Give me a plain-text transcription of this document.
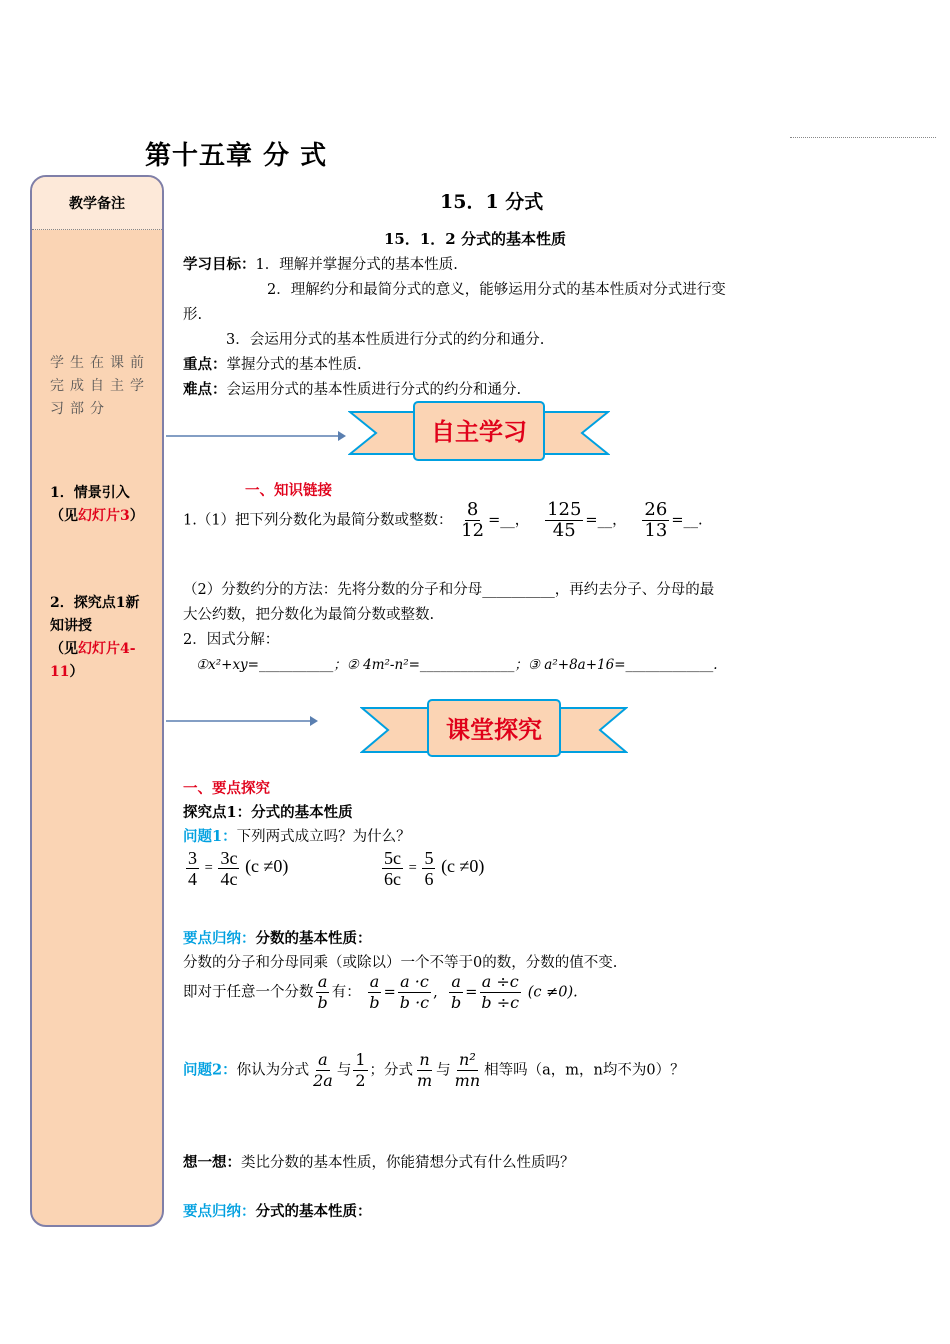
第十五章 分 式
教学备注
学生在课前完成自主学习部分
1．情景引入
（见幻灯片3）
2．探究点1新知讲授
（见幻灯片4-11）
15．1 分式
15．1．2 分式的基本性质
学习目标：1．理解并掌握分式的基本性质.
2．理解约分和最简分式的意义，能够运用分式的基本性质对分式进行变
形.
3．会运用分式的基本性质进行分式的约分和通分.
重点：掌握分式的基本性质.
难点：会运用分式的基本性质进行分式的约分和通分.
自主学习
一、知识链接
1.（1）把下列分数化为最简分数或整数： $\frac{8}{12}$ =__， $\frac{125}{45}$ =__， $\frac{26}{13}$ =__.
（2）分数约分的方法：先将分数的分子和分母__________，再约去分子、分母的最
大公约数，把分数化为最简分数或整数.
2．因式分解：
①x²+xy=___________；② 4m²-n²=______________；③ a²+8a+16=_____________.
课堂探究
一、要点探究
探究点1：分式的基本性质
问题1：下列两式成立吗？为什么？
$\frac{3}{4} = \frac{3c}{4c} (c \ne 0)$	$\frac{5c}{6c} = \frac{5}{6} (c \ne 0)$
要点归纳：分数的基本性质：
分数的分子和分母同乘（或除以）一个不等于0的数，分数的值不变.
即对于任意一个分数 $\frac{a}{b}$ 有： $\frac{a}{b} = \frac{a \cdot c}{b \cdot c}$ , $\frac{a}{b} = \frac{a \div c}{b \div c} (c \ne 0)$.
问题2：你认为分式 $\frac{a}{2a}$ 与 $\frac{1}{2}$ ；分式 $\frac{n}{m}$ 与 $\frac{\text{n²}}{mn}$ 相等吗（a，m，n均不为0）？
想一想：类比分数的基本性质，你能猜想分式有什么性质吗？
要点归纳：分式的基本性质：
